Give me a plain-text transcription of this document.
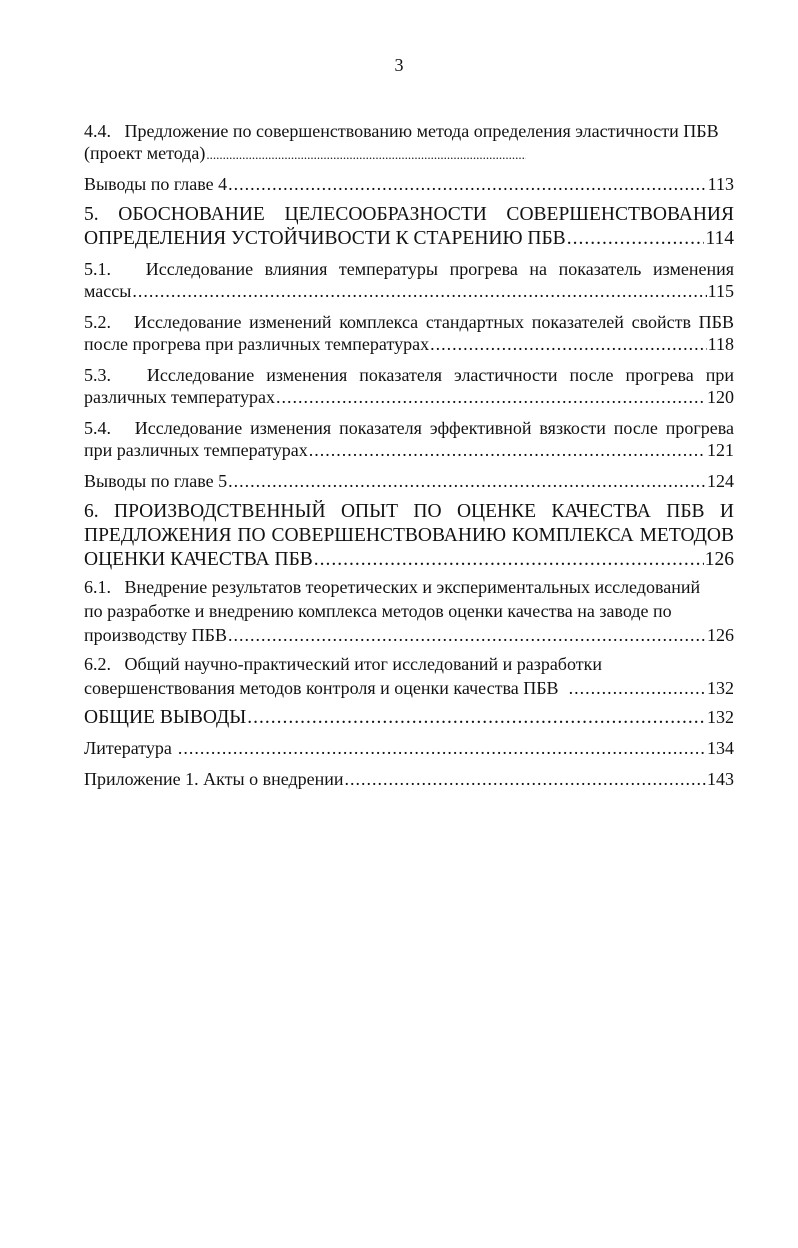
3
4.4.   Предложение по совершенствованию метода определения эластичности ПБВ
(проект метода)
.....
Выводы по главе 4 .....	113
5. ОБОСНОВАНИЕ ЦЕЛЕСООБРАЗНОСТИ СОВЕРШЕНСТВОВАНИЯ
ОПРЕДЕЛЕНИЯ УСТОЙЧИВОСТИ К СТАРЕНИЮ ПБВ .....	114
5.1.   Исследование влияния температуры прогрева на показатель изменения
массы .....	115
5.2.   Исследование изменений комплекса стандартных показателей свойств ПБВ
после прогрева при различных температурах .....	118
5.3.   Исследование изменения показателя эластичности после прогрева при
различных температурах .....	120
5.4.   Исследование изменения показателя эффективной вязкости после прогрева
при различных температурах .....	121
Выводы по главе 5 .....	124
6. ПРОИЗВОДСТВЕННЫЙ ОПЫТ ПО ОЦЕНКЕ КАЧЕСТВА ПБВ И
ПРЕДЛОЖЕНИЯ ПО СОВЕРШЕНСТВОВАНИЮ КОМПЛЕКСА МЕТОДОВ
ОЦЕНКИ КАЧЕСТВА ПБВ .....	126
6.1.   Внедрение результатов теоретических и экспериментальных исследований
по разработке и внедрению комплекса методов оценки качества на заводе по
производству ПБВ .....	126
6.2.   Общий научно-практический итог исследований и разработки
совершенствования методов контроля и оценки качества ПБВ .....	132
ОБЩИЕ ВЫВОДЫ .....	132
Литература .....	134
Приложение 1. Акты о внедрении .....	143
